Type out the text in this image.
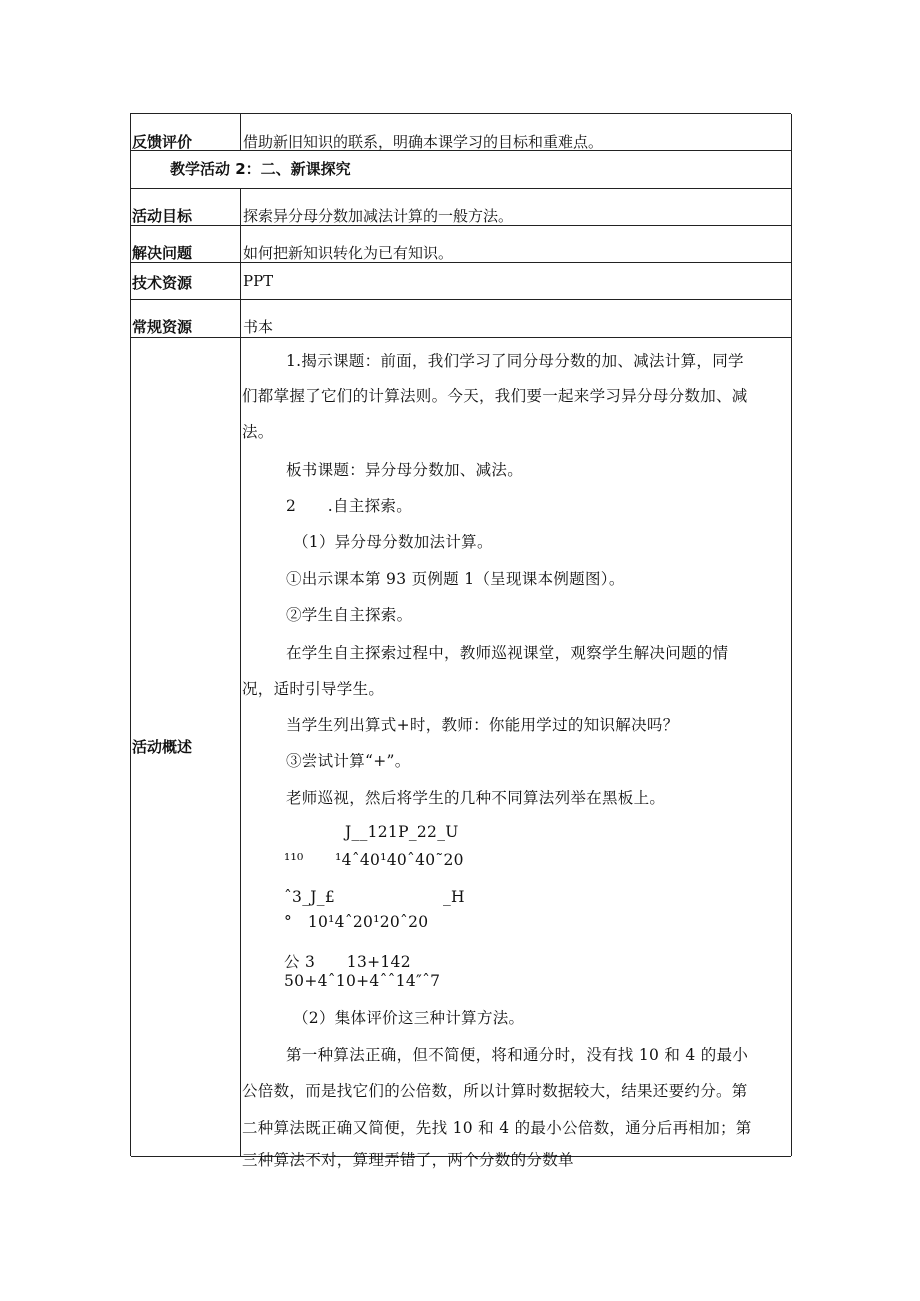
反馈评价	借助新旧知识的联系，明确本课学习的目标和重难点。
教学活动 2：二、新课探究
活动目标	探索异分母分数加减法计算的一般方法。
解决问题	如何把新知识转化为已有知识。
技术资源	PPT
常规资源	书本
活动概述
1.揭示课题：前面，我们学习了同分母分数的加、减法计算，同学
们都掌握了它们的计算法则。今天，我们要一起来学习异分母分数加、减
法。
板书课题：异分母分数加、减法。
2　　.自主探索。
（1）异分母分数加法计算。
①出示课本第 93 页例题 1（呈现课本例题图）。
②学生自主探索。
在学生自主探索过程中，教师巡视课堂，观察学生解决问题的情
况，适时引导学生。
当学生列出算式+时，教师：你能用学过的知识解决吗？
③尝试计算“+”。
老师巡视，然后将学生的几种不同算法列举在黑板上。
J__121P_22_U
¹¹⁰　　¹4ˆ40¹40ˆ40˜20
ˆ3_J_£	_H
°　10¹4ˆ20¹20ˆ20
公 3　　13+142
50+4ˆ10+4ˆˆ14″ˆ7
（2）集体评价这三种计算方法。
第一种算法正确，但不简便，将和通分时，没有找 10 和 4 的最小
公倍数，而是找它们的公倍数，所以计算时数据较大，结果还要约分。第
二种算法既正确又简便，先找 10 和 4 的最小公倍数，通分后再相加；第
三种算法不对，算理弄错了，两个分数的分数单
